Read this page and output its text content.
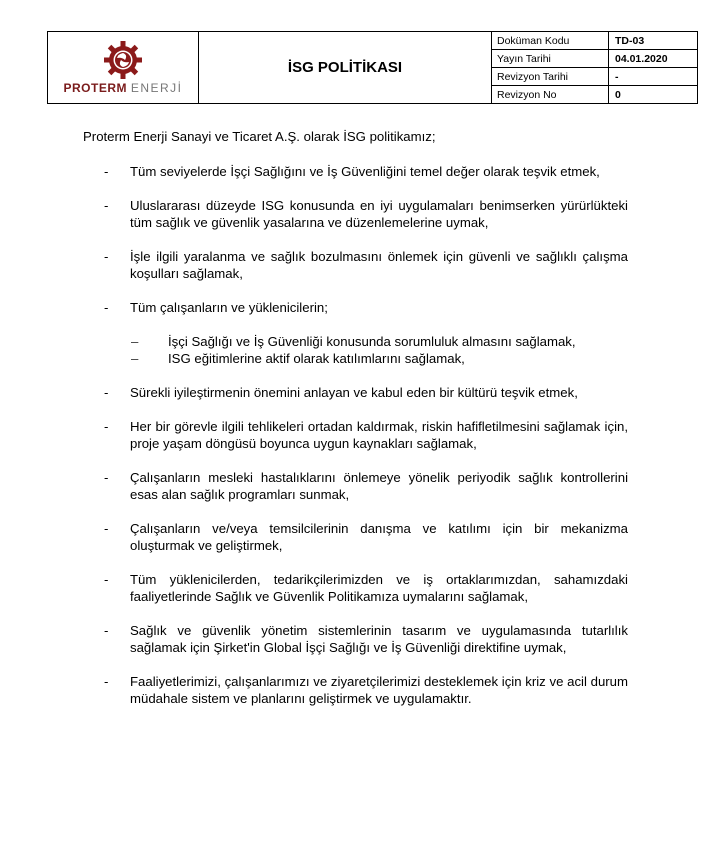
PROTERM ENERJİ	İSG POLİTİKASI	Doküman Kodu	TD-03
		Yayın Tarihi	04.01.2020
		Revizyon Tarihi	-
		Revizyon No	0

Proterm Enerji Sanayi ve Ticaret A.Ş. olarak İSG politikamız;

- Tüm seviyelerde İşçi Sağlığını ve İş Güvenliğini temel değer olarak teşvik etmek,
- Uluslararası düzeyde ISG konusunda en iyi uygulamaları benimserken yürürlükteki tüm sağlık ve güvenlik yasalarına ve düzenlemelerine uymak,
- İşle ilgili yaralanma ve sağlık bozulmasını önlemek için güvenli ve sağlıklı çalışma koşulları sağlamak,
- Tüm çalışanların ve yüklenicilerin;
– İşçi Sağlığı ve İş Güvenliği konusunda sorumluluk almasını sağlamak,
– ISG eğitimlerine aktif olarak katılımlarını sağlamak,
- Sürekli iyileştirmenin önemini anlayan ve kabul eden bir kültürü teşvik etmek,
- Her bir görevle ilgili tehlikeleri ortadan kaldırmak, riskin hafifletilmesini sağlamak için, proje yaşam döngüsü boyunca uygun kaynakları sağlamak,
- Çalışanların mesleki hastalıklarını önlemeye yönelik periyodik sağlık kontrollerini esas alan sağlık programları sunmak,
- Çalışanların ve/veya temsilcilerinin danışma ve katılımı için bir mekanizma oluşturmak ve geliştirmek,
- Tüm yüklenicilerden, tedarikçilerimizden ve iş ortaklarımızdan, sahamızdaki faaliyetlerinde Sağlık ve Güvenlik Politikamıza uymalarını sağlamak,
- Sağlık ve güvenlik yönetim sistemlerinin tasarım ve uygulamasında tutarlılık sağlamak için Şirket'in Global İşçi Sağlığı ve İş Güvenliği direktifine uymak,
- Faaliyetlerimizi, çalışanlarımızı ve ziyaretçilerimizi desteklemek için kriz ve acil durum müdahale sistem ve planlarını geliştirmek ve uygulamaktır.
